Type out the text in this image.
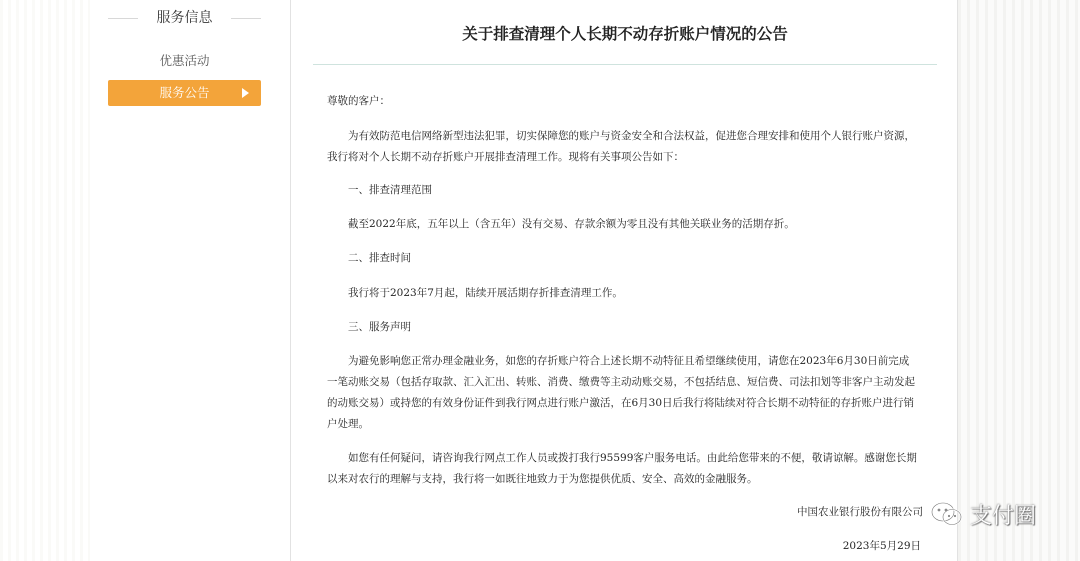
服务信息
优惠活动
服务公告
关于排查清理个人长期不动存折账户情况的公告

尊敬的客户：

为有效防范电信网络新型违法犯罪，切实保障您的账户与资金安全和合法权益，促进您合理安排和使用个人银行账户资源，我行将对个人长期不动存折账户开展排查清理工作。现将有关事项公告如下：

一、排查清理范围

截至2022年底，五年以上（含五年）没有交易、存款余额为零且没有其他关联业务的活期存折。

二、排查时间

我行将于2023年7月起，陆续开展活期存折排查清理工作。

三、服务声明

为避免影响您正常办理金融业务，如您的存折账户符合上述长期不动特征且希望继续使用，请您在2023年6月30日前完成一笔动账交易（包括存取款、汇入汇出、转账、消费、缴费等主动动账交易，不包括结息、短信费、司法扣划等非客户主动发起的动账交易）或持您的有效身份证件到我行网点进行账户激活，在6月30日后我行将陆续对符合长期不动特征的存折账户进行销户处理。

如您有任何疑问，请咨询我行网点工作人员或拨打我行95599客户服务电话。由此给您带来的不便，敬请谅解。感谢您长期以来对农行的理解与支持，我行将一如既往地致力于为您提供优质、安全、高效的金融服务。

中国农业银行股份有限公司
2023年5月29日
支付圈
